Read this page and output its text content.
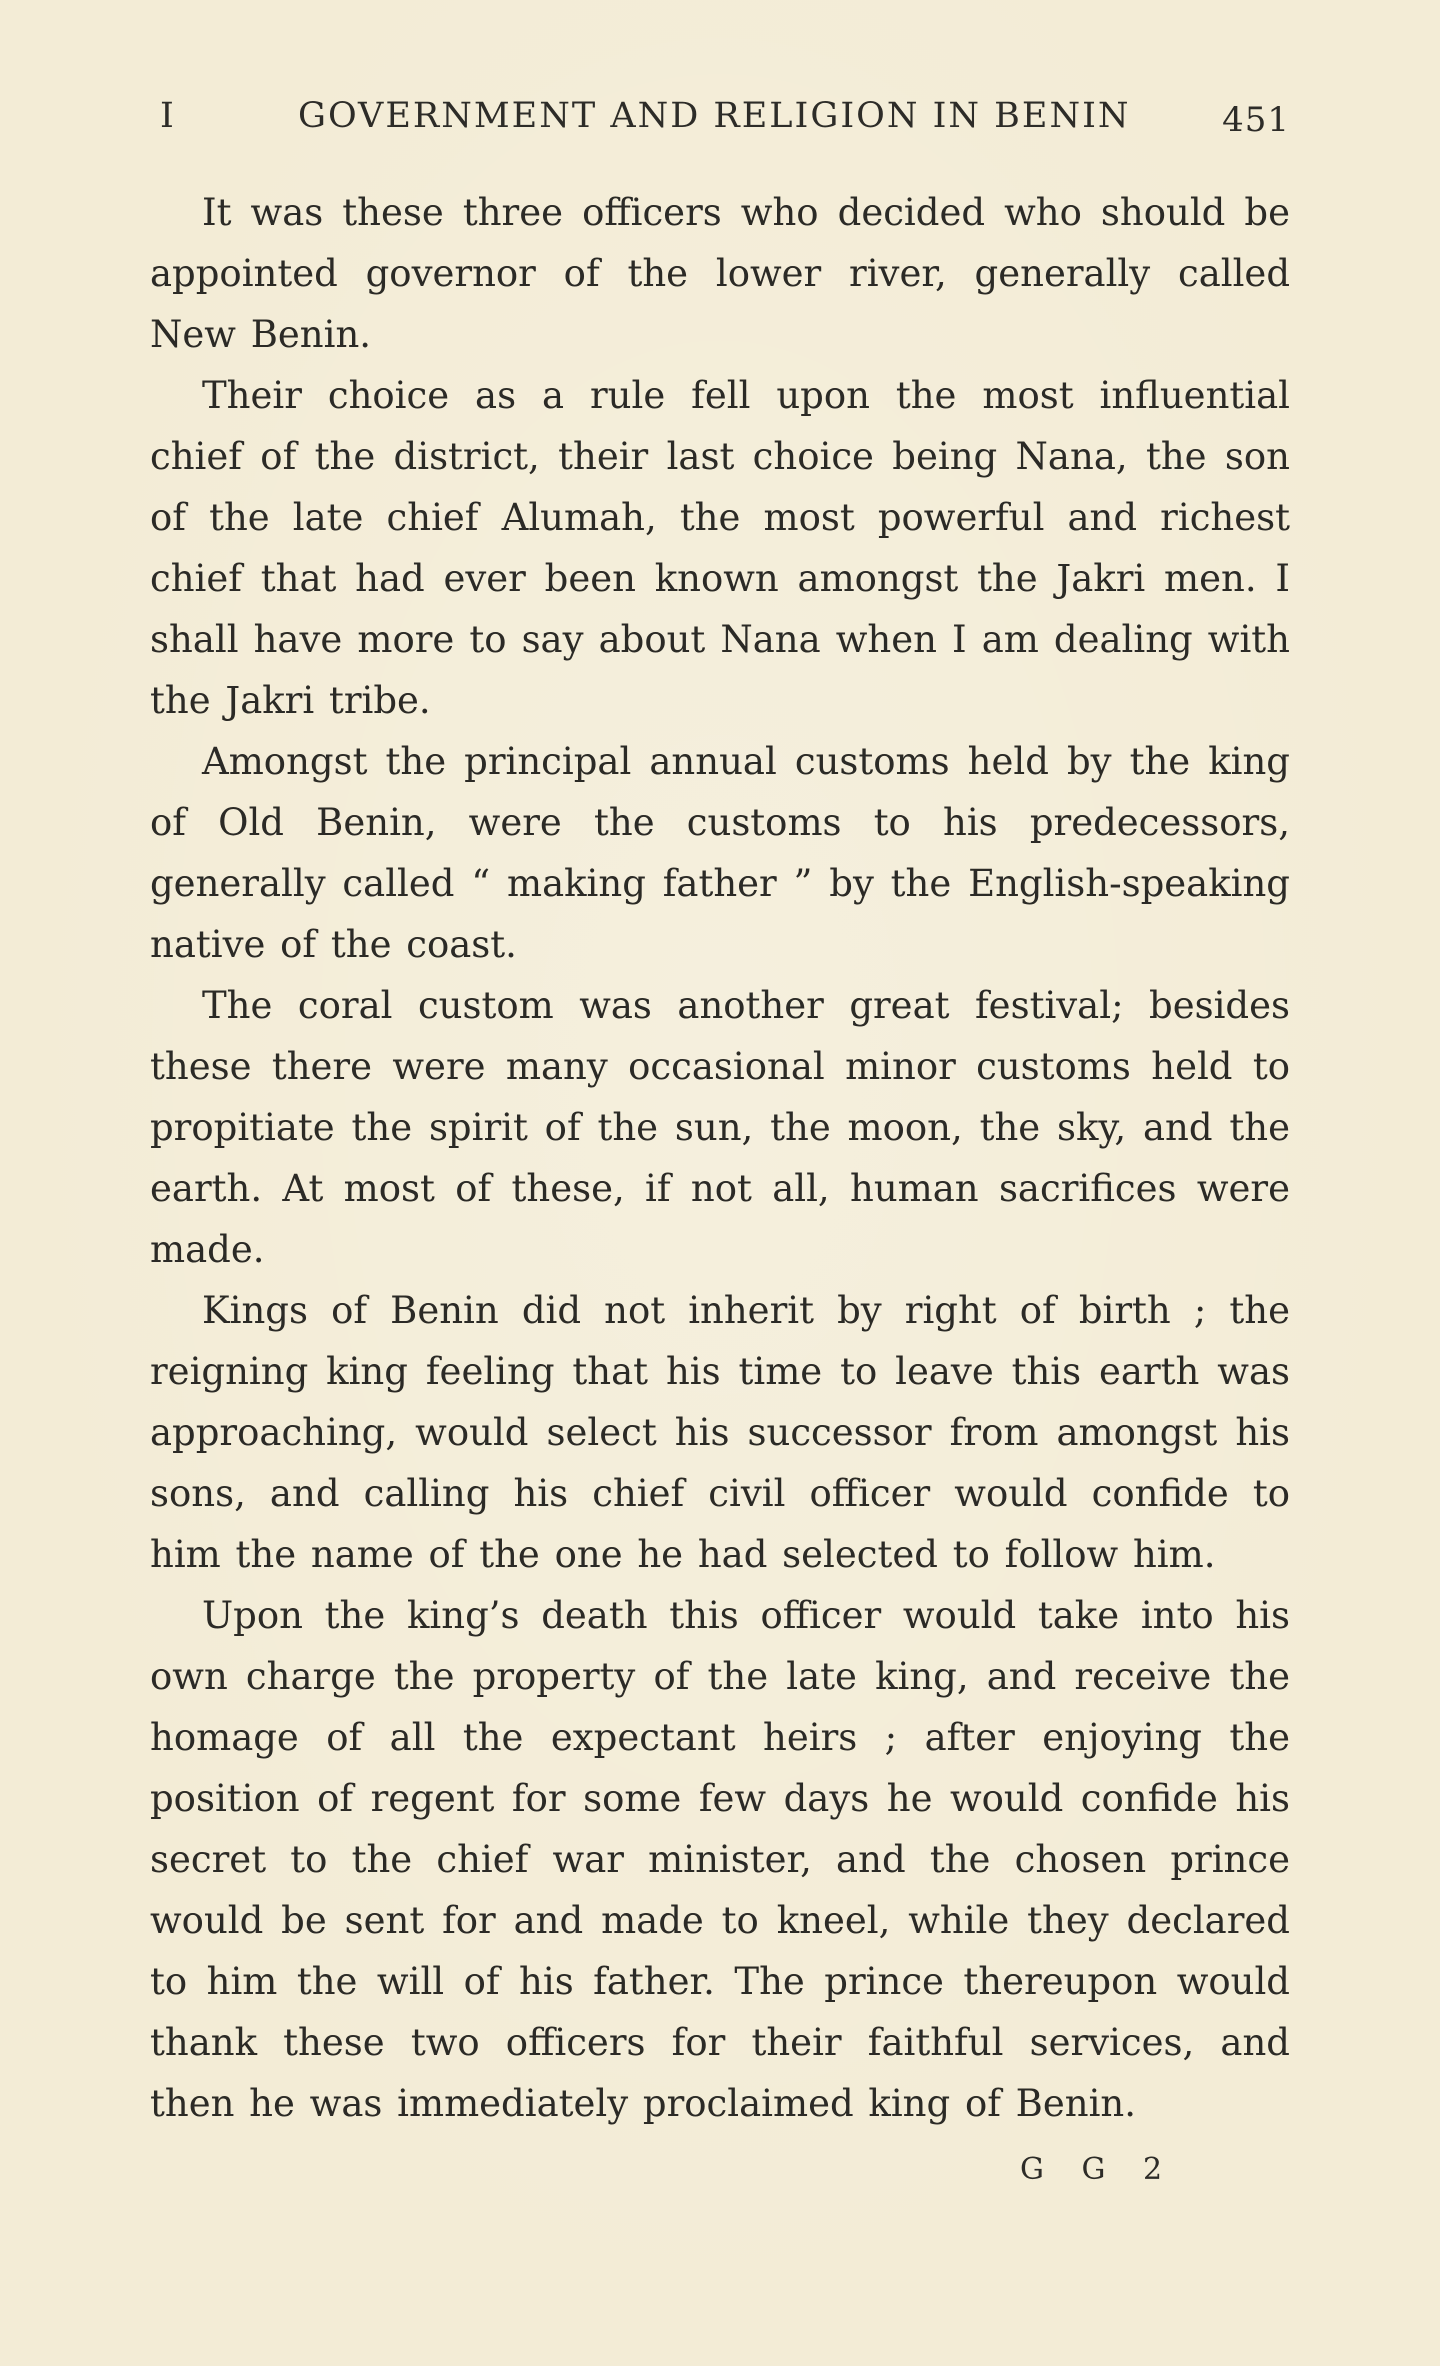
I	GOVERNMENT AND RELIGION IN BENIN	451

It was these three officers who decided who should be appointed governor of the lower river, generally called New Benin.

Their choice as a rule fell upon the most influential chief of the district, their last choice being Nana, the son of the late chief Alumah, the most powerful and richest chief that had ever been known amongst the Jakri men. I shall have more to say about Nana when I am dealing with the Jakri tribe.

Amongst the principal annual customs held by the king of Old Benin, were the customs to his predecessors, generally called “ making father ” by the English-speaking native of the coast.

The coral custom was another great festival; besides these there were many occasional minor customs held to propitiate the spirit of the sun, the moon, the sky, and the earth. At most of these, if not all, human sacrifices were made.

Kings of Benin did not inherit by right of birth ; the reigning king feeling that his time to leave this earth was approaching, would select his successor from amongst his sons, and calling his chief civil officer would confide to him the name of the one he had selected to follow him.

Upon the king’s death this officer would take into his own charge the property of the late king, and receive the homage of all the expectant heirs ; after enjoying the position of regent for some few days he would confide his secret to the chief war minister, and the chosen prince would be sent for and made to kneel, while they declared to him the will of his father. The prince thereupon would thank these two officers for their faithful services, and then he was immediately proclaimed king of Benin.

G G 2
